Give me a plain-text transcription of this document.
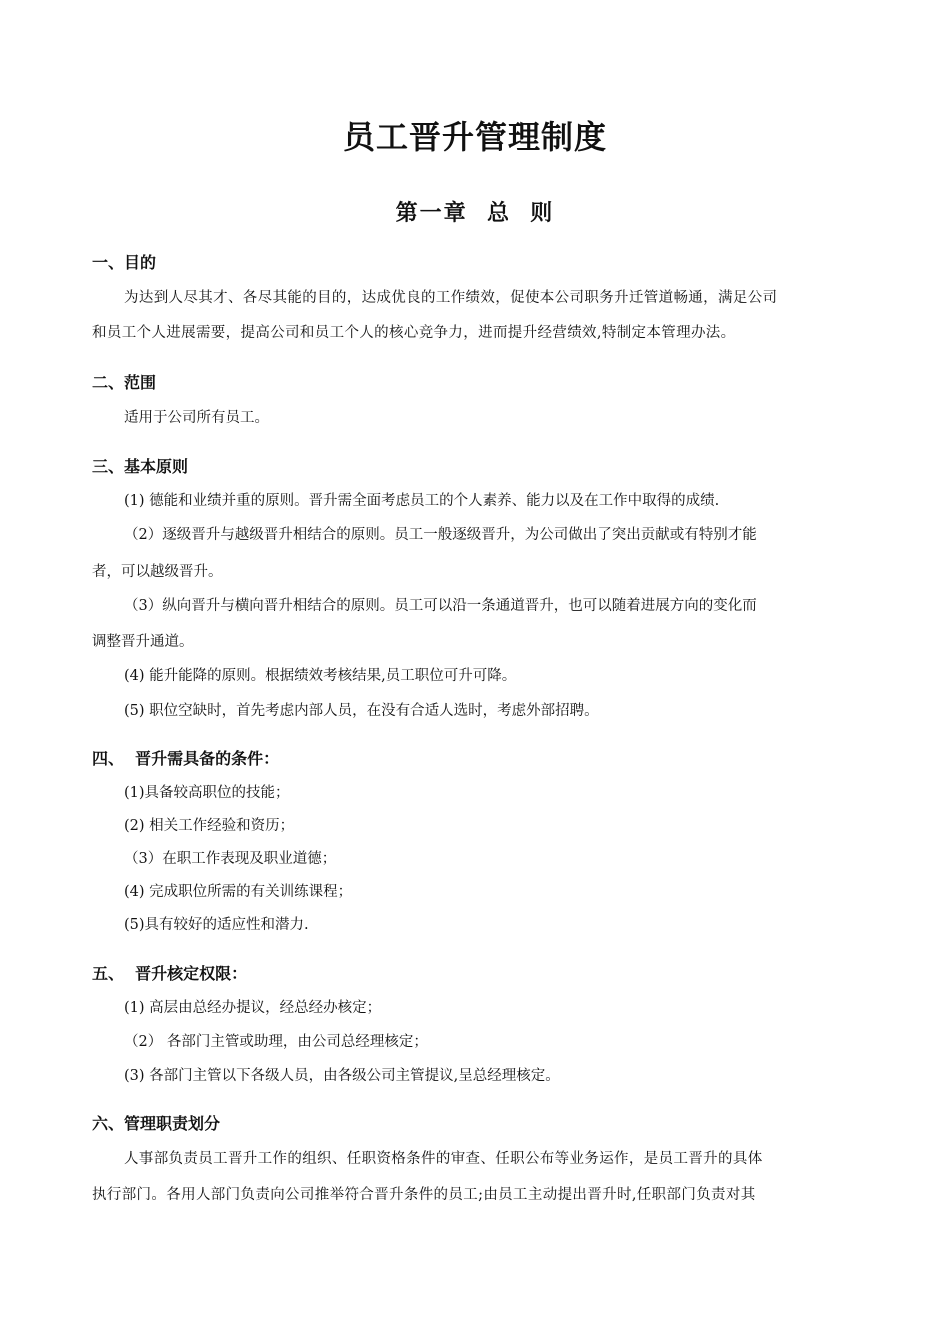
员工晋升管理制度
第一章  总  则
一、目的
为达到人尽其才、各尽其能的目的，达成优良的工作绩效，促使本公司职务升迁管道畅通，满足公司
和员工个人进展需要，提高公司和员工个人的核心竞争力，进而提升经营绩效,特制定本管理办法。
二、范围
适用于公司所有员工。
三、基本原则
(1) 德能和业绩并重的原则。晋升需全面考虑员工的个人素养、能力以及在工作中取得的成绩.
（2）逐级晋升与越级晋升相结合的原则。员工一般逐级晋升，为公司做出了突出贡献或有特别才能
者，可以越级晋升。
（3）纵向晋升与横向晋升相结合的原则。员工可以沿一条通道晋升，也可以随着进展方向的变化而
调整晋升通道。
(4) 能升能降的原则。根据绩效考核结果,员工职位可升可降。
(5) 职位空缺时，首先考虑内部人员，在没有合适人选时，考虑外部招聘。
四、  晋升需具备的条件：
(1)具备较高职位的技能；
(2) 相关工作经验和资历；
（3）在职工作表现及职业道德；
(4) 完成职位所需的有关训练课程；
(5)具有较好的适应性和潜力.
五、  晋升核定权限：
(1) 高层由总经办提议，经总经办核定；
（2） 各部门主管或助理，由公司总经理核定；
(3) 各部门主管以下各级人员，由各级公司主管提议,呈总经理核定。
六、管理职责划分
人事部负责员工晋升工作的组织、任职资格条件的审查、任职公布等业务运作，是员工晋升的具体
执行部门。各用人部门负责向公司推举符合晋升条件的员工;由员工主动提出晋升时,任职部门负责对其
